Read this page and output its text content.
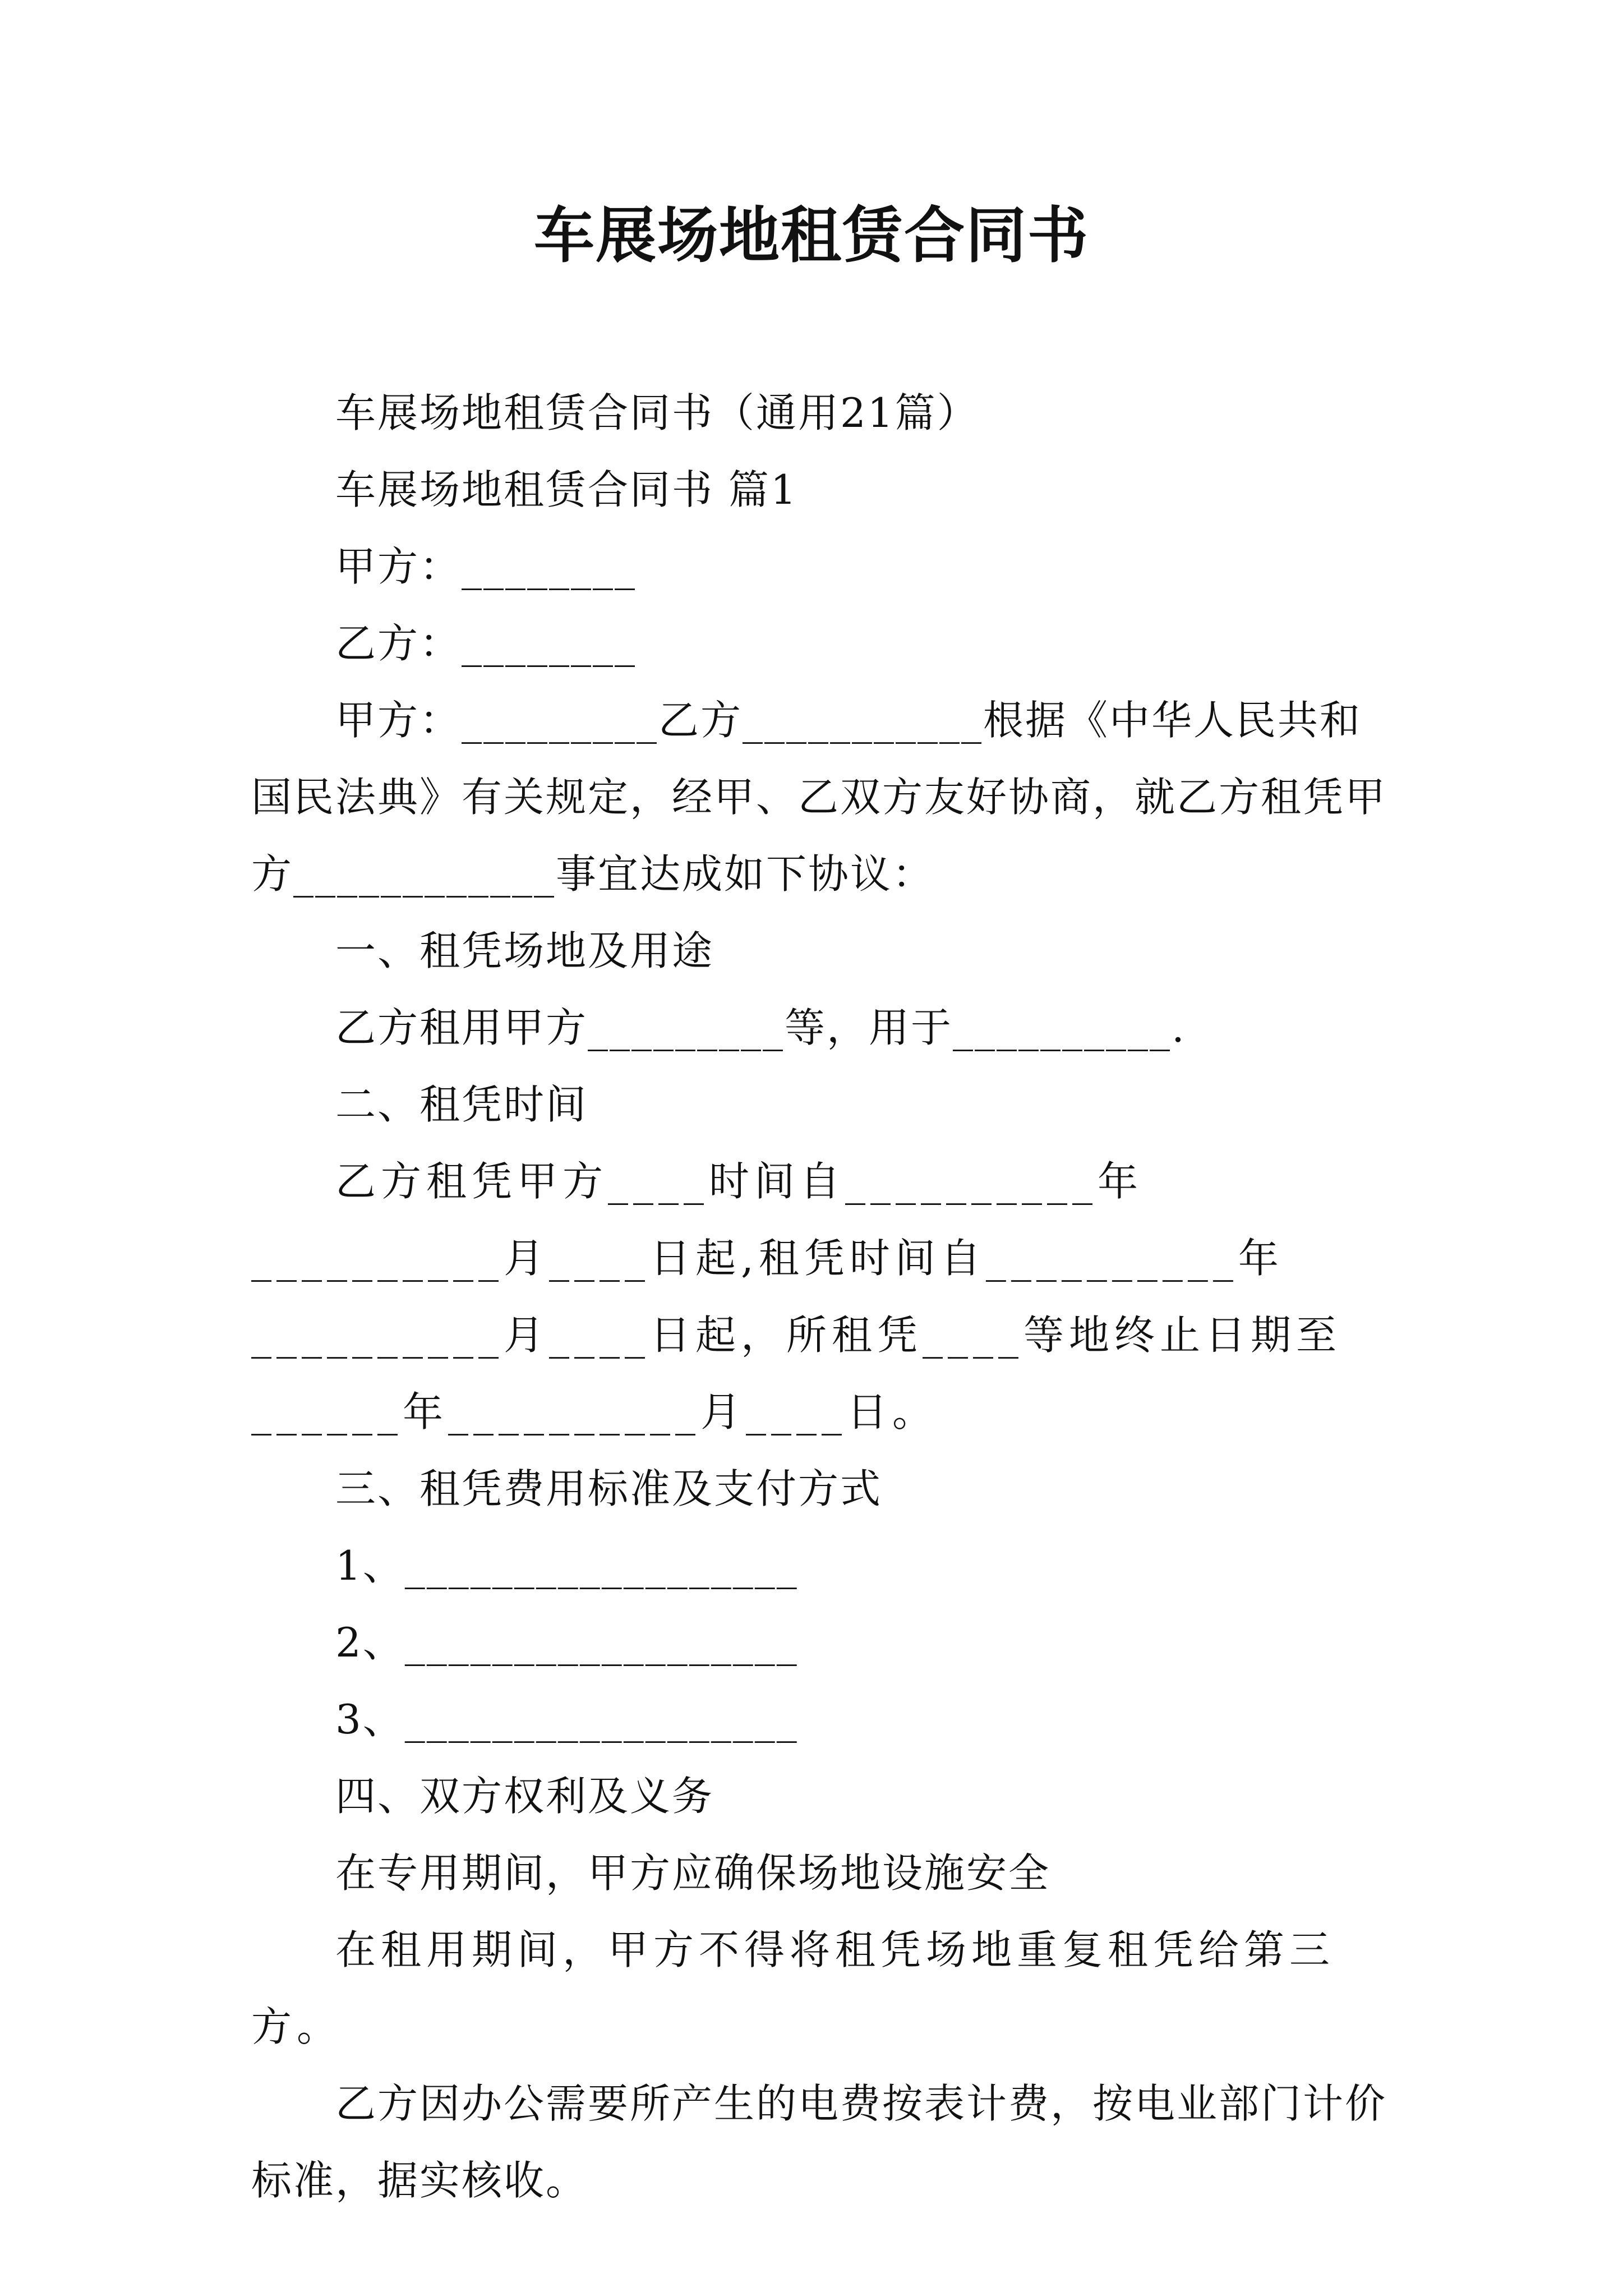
车展场地租赁合同书

车展场地租赁合同书（通用21篇）

车展场地租赁合同书 篇1

甲方：________

乙方：________

甲方：_________乙方___________根据《中华人民共和国民法典》有关规定，经甲、乙双方友好协商，就乙方租凭甲方____________事宜达成如下协议：

一、租凭场地及用途

乙方租用甲方_________等，用于__________.

二、租凭时间

乙方租凭甲方____时间自__________年__________月____日起,租凭时间自__________年__________月____日起，所租凭____等地终止日期至______年__________月____日。

三、租凭费用标准及支付方式

1、__________________

2、__________________

3、__________________

四、双方权利及义务

在专用期间，甲方应确保场地设施安全

在租用期间，甲方不得将租凭场地重复租凭给第三方。

乙方因办公需要所产生的电费按表计费，按电业部门计价标准，据实核收。
